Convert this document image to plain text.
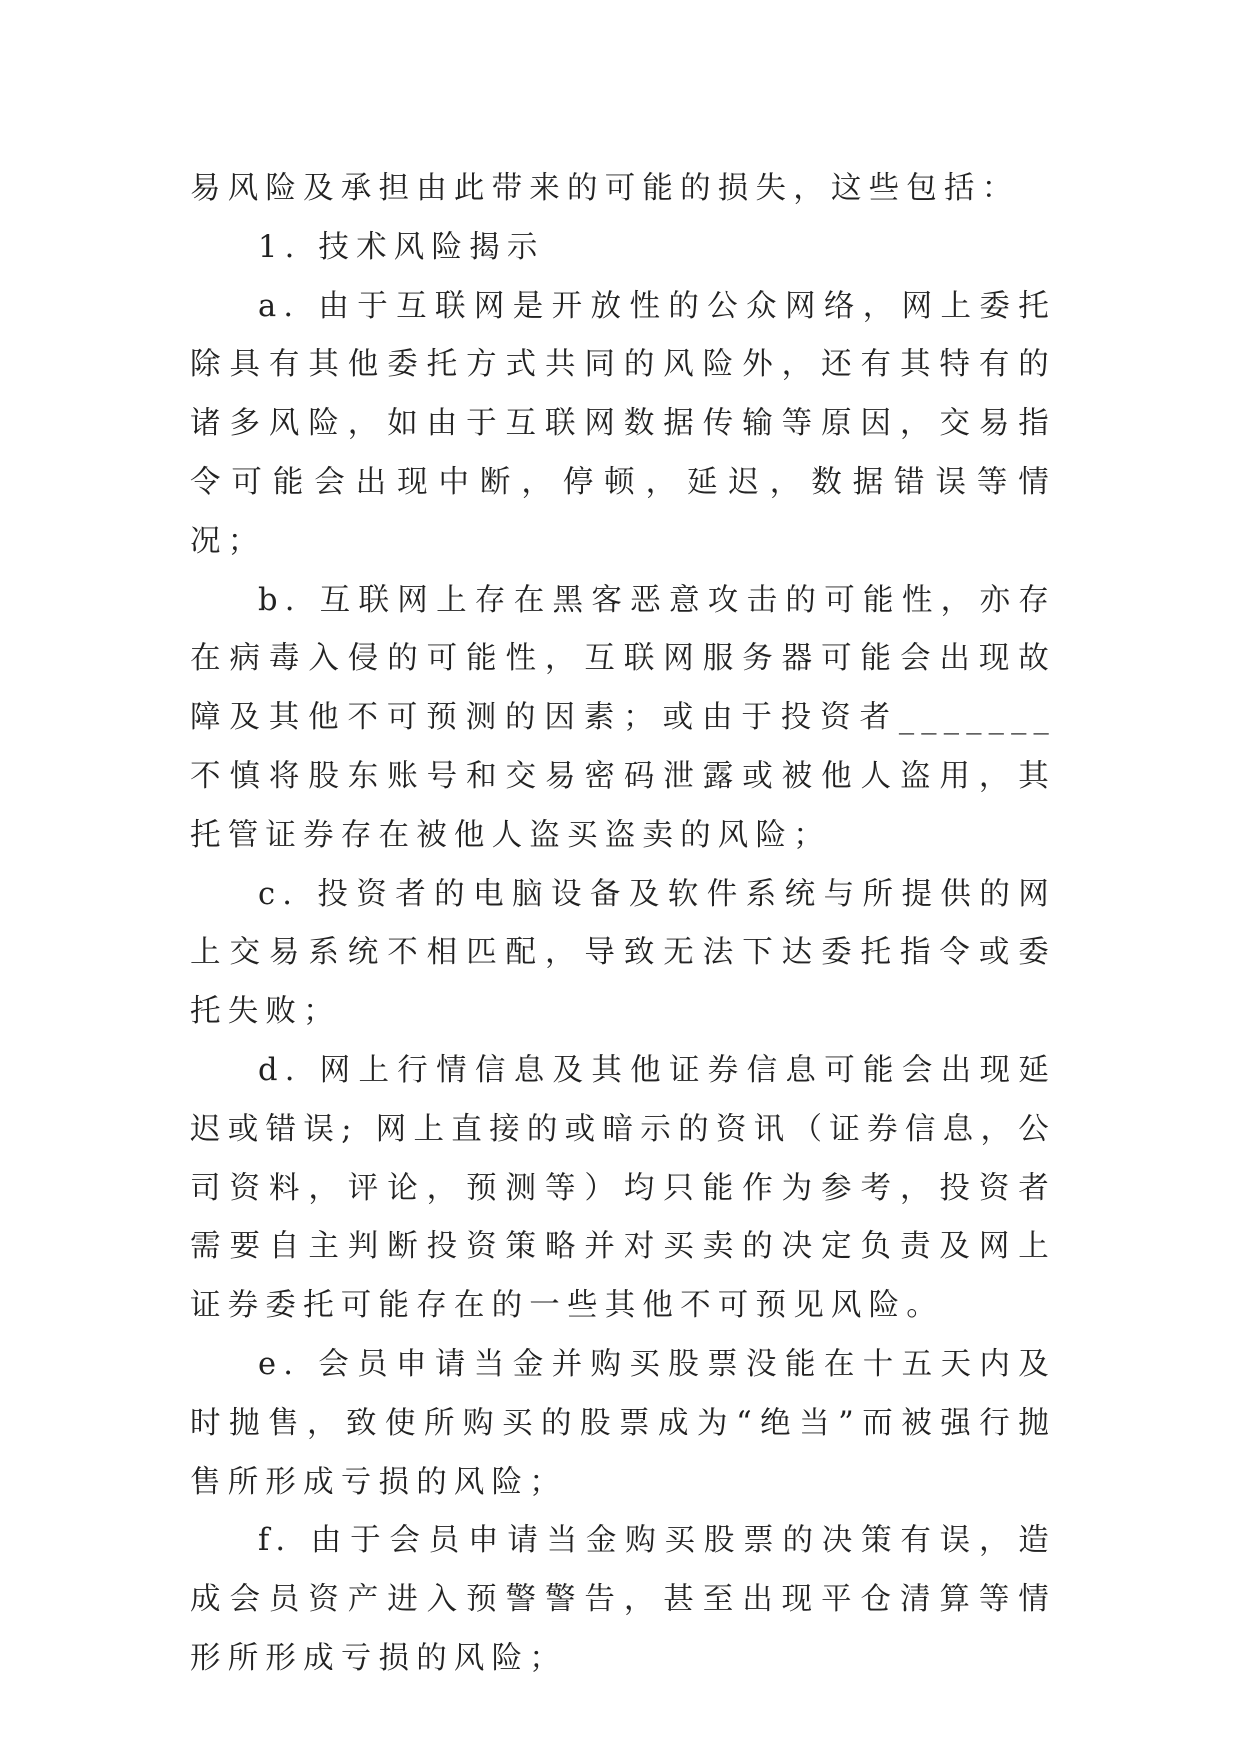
易风险及承担由此带来的可能的损失，这些包括：

1. 技术风险揭示

a. 由于互联网是开放性的公众网络，网上委托除具有其他委托方式共同的风险外，还有其特有的诸多风险，如由于互联网数据传输等原因，交易指令可能会出现中断，停顿，延迟，数据错误等情况；

b. 互联网上存在黑客恶意攻击的可能性，亦存在病毒入侵的可能性，互联网服务器可能会出现故障及其他不可预测的因素；或由于投资者_______不慎将股东账号和交易密码泄露或被他人盗用，其托管证券存在被他人盗买盗卖的风险；

c. 投资者的电脑设备及软件系统与所提供的网上交易系统不相匹配，导致无法下达委托指令或委托失败；

d. 网上行情信息及其他证券信息可能会出现延迟或错误; 网上直接的或暗示的资讯（证券信息，公司资料，评论，预测等）均只能作为参考，投资者需要自主判断投资策略并对买卖的决定负责及网上证券委托可能存在的一些其他不可预见风险。

e. 会员申请当金并购买股票没能在十五天内及时抛售，致使所购买的股票成为“绝当”而被强行抛售所形成亏损的风险；

f. 由于会员申请当金购买股票的决策有误，造成会员资产进入预警警告，甚至出现平仓清算等情形所形成亏损的风险；
